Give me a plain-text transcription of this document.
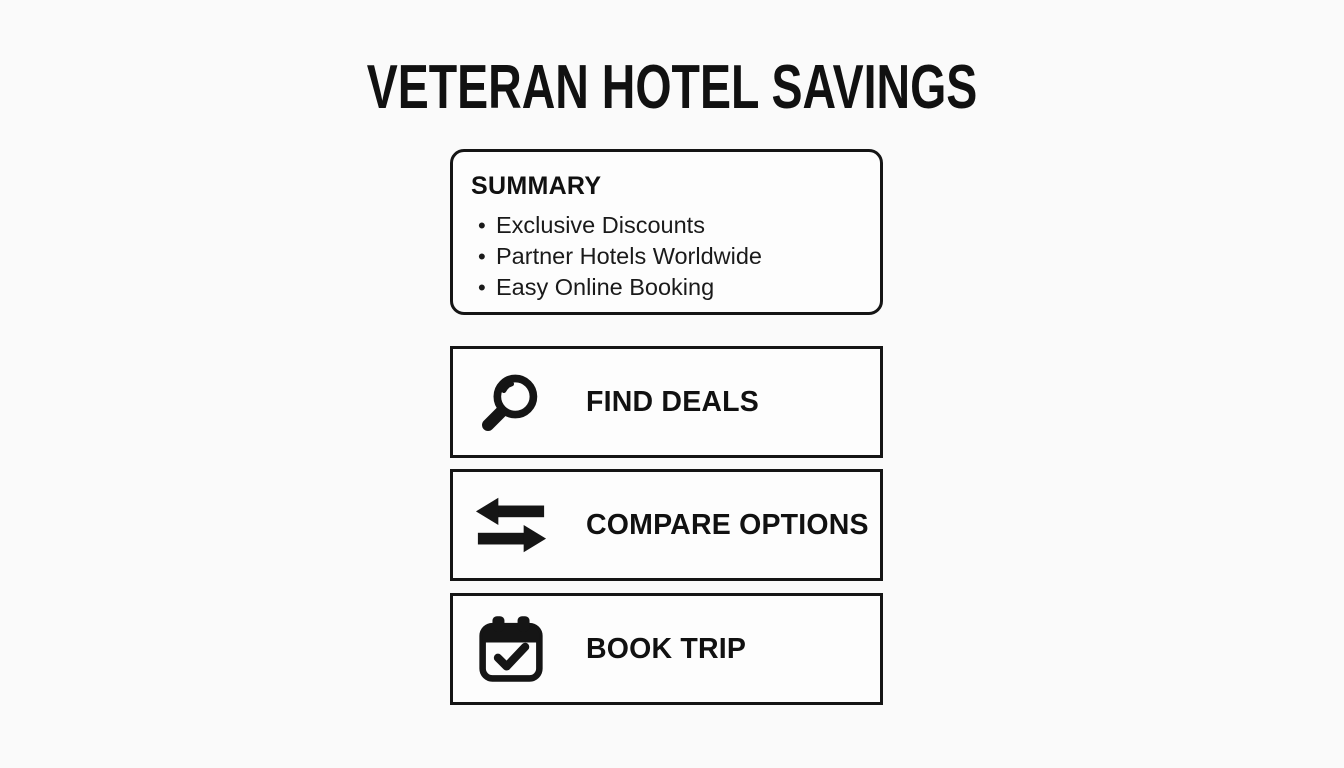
VETERAN HOTEL SAVINGS
SUMMARY
• Exclusive Discounts
• Partner Hotels Worldwide
• Easy Online Booking
FIND DEALS
COMPARE OPTIONS
BOOK TRIP
